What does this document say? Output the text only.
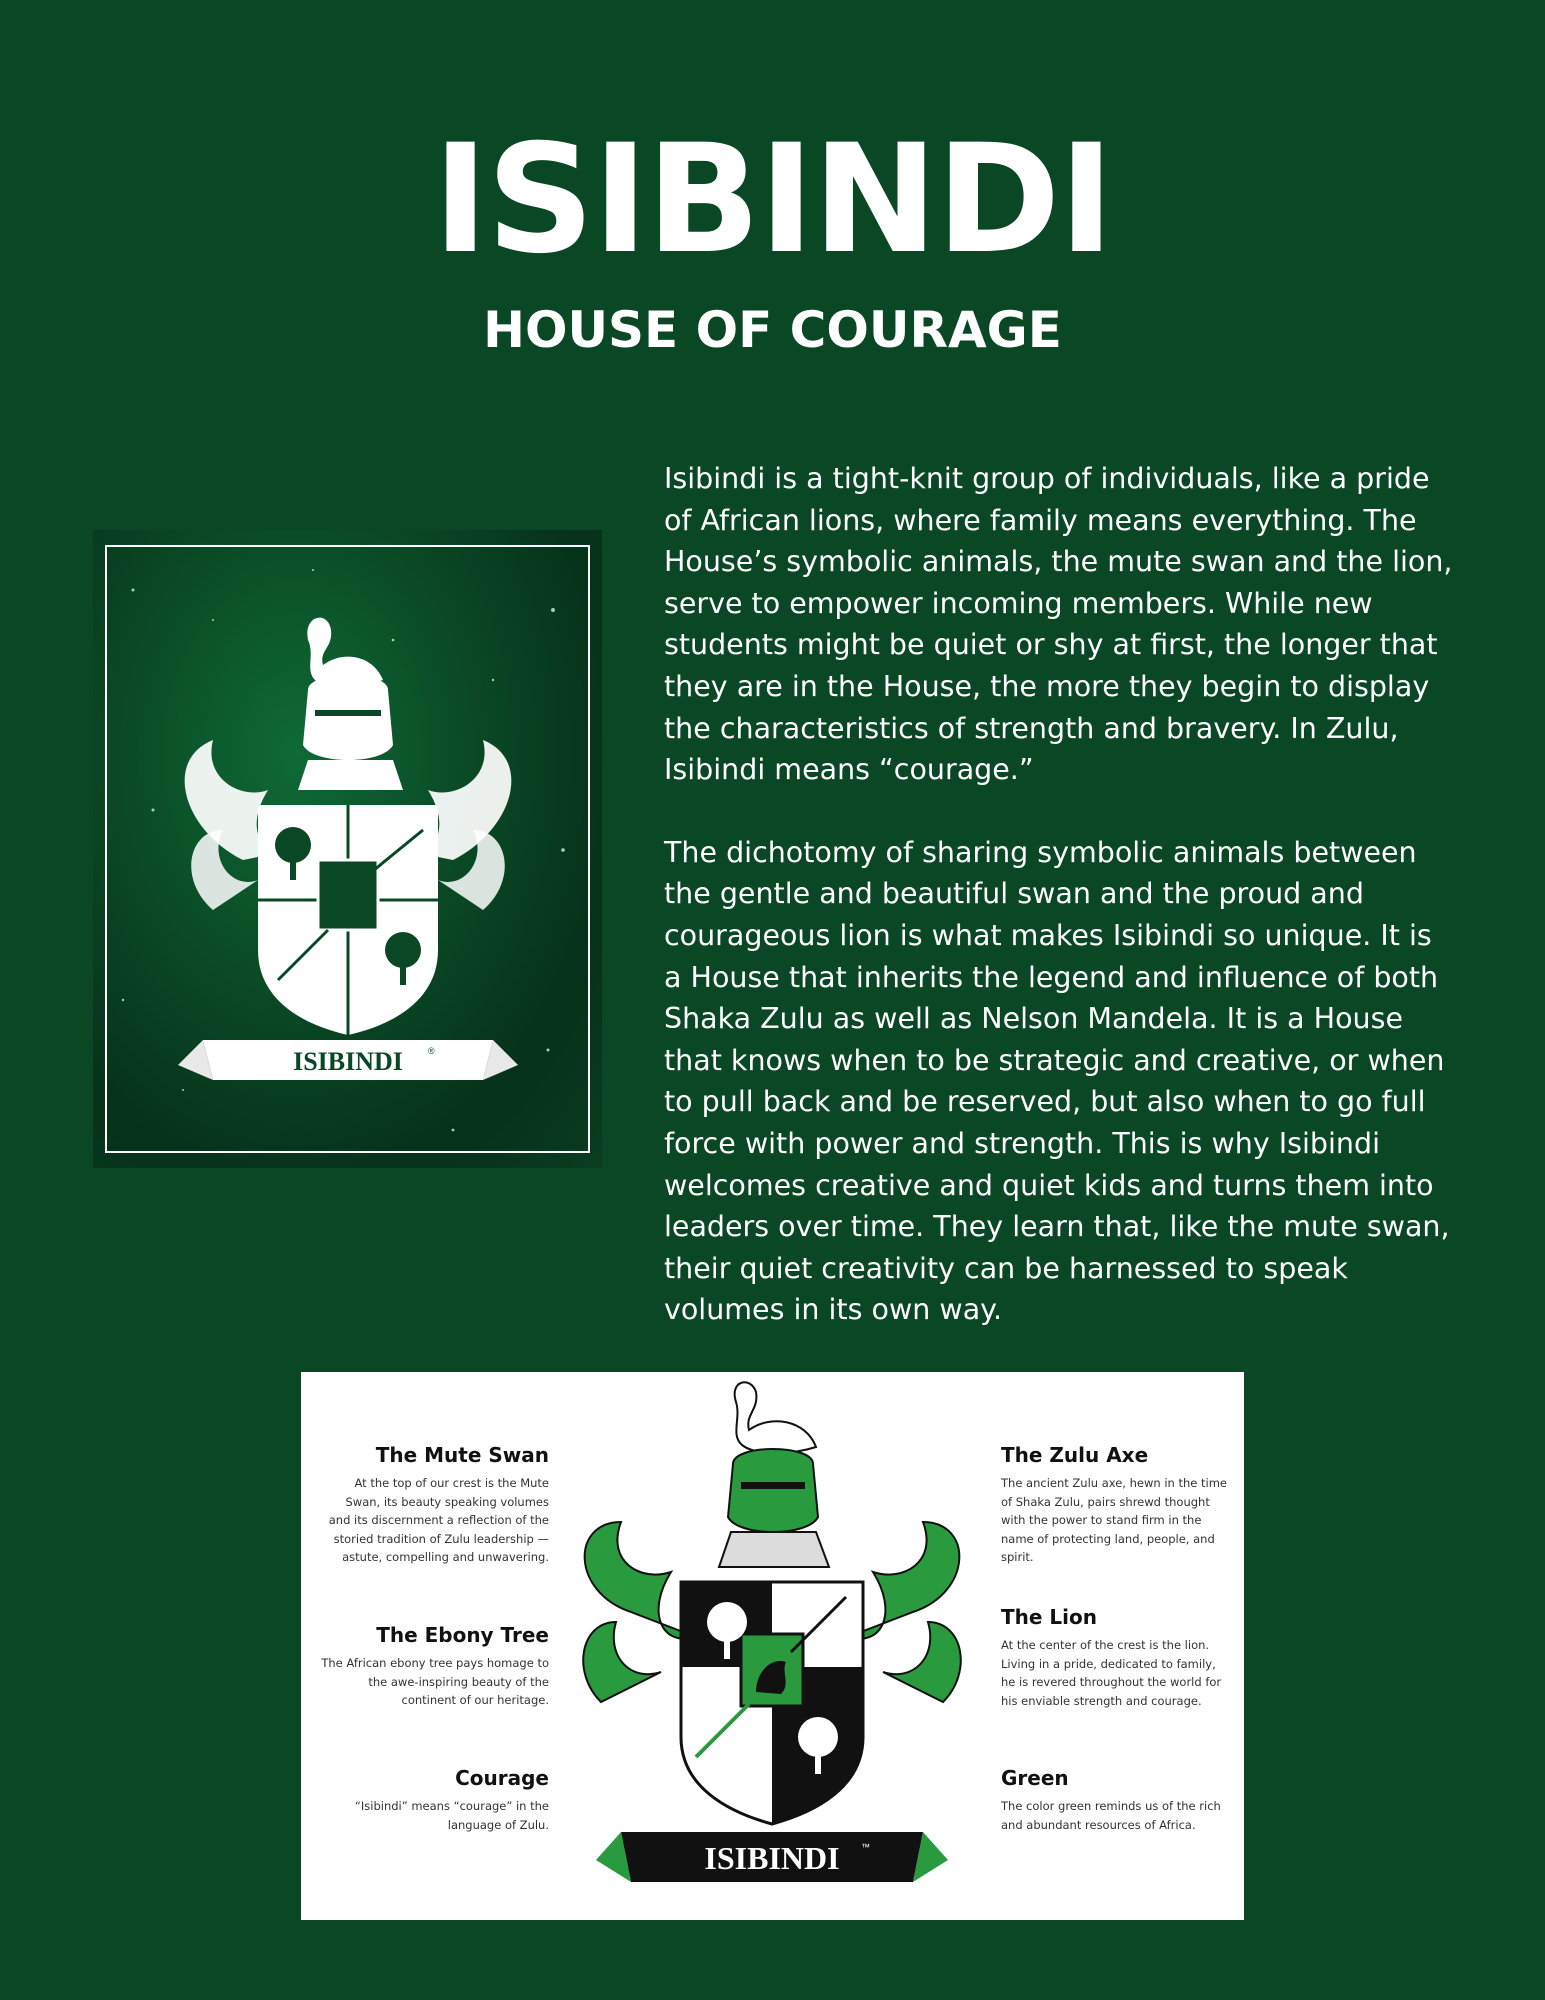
ISIBINDI
HOUSE OF COURAGE
ISIBINDI	®

Isibindi is a tight-knit group of individuals, like a pride of African lions, where family means everything. The House’s symbolic animals, the mute swan and the lion, serve to empower incoming members. While new students might be quiet or shy at first, the longer that they are in the House, the more they begin to display the characteristics of strength and bravery. In Zulu, Isibindi means “courage.”

The dichotomy of sharing symbolic animals between the gentle and beautiful swan and the proud and courageous lion is what makes Isibindi so unique. It is a House that inherits the legend and influence of both Shaka Zulu as well as Nelson Mandela. It is a House that knows when to be strategic and creative, or when to pull back and be reserved, but also when to go full force with power and strength. This is why Isibindi welcomes creative and quiet kids and turns them into leaders over time. They learn that, like the mute swan, their quiet creativity can be harnessed to speak volumes in its own way.

ISIBINDI ™

The Mute Swan

At the top of our crest is the Mute Swan, its beauty speaking volumes and its discernment a reflection of the storied tradition of Zulu leadership — astute, compelling and unwavering.

The Ebony Tree

The African ebony tree pays homage to the awe-inspiring beauty of the continent of our heritage.

Courage

“Isibindi” means “courage” in the language of Zulu.

The Zulu Axe

The ancient Zulu axe, hewn in the time of Shaka Zulu, pairs shrewd thought with the power to stand firm in the name of protecting land, people, and spirit.

The Lion

At the center of the crest is the lion. Living in a pride, dedicated to family, he is revered throughout the world for his enviable strength and courage.

Green

The color green reminds us of the rich and abundant resources of Africa.
